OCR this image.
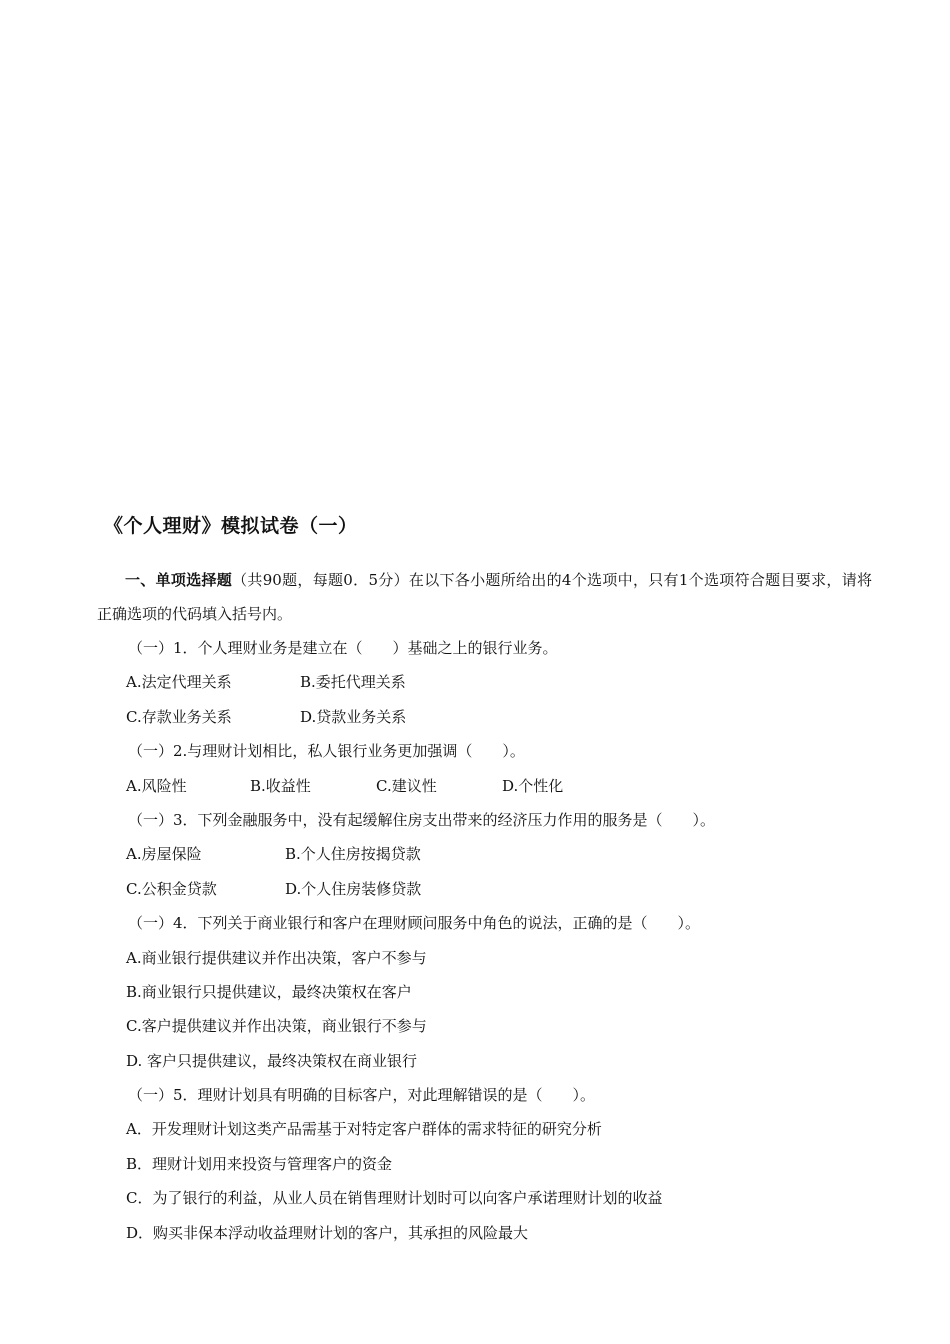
《个人理财》模拟试卷（一）
一、单项选择题（共90题，每题0．5分）在以下各小题所给出的4个选项中，只有1个选项符合题目要求，请将正确选项的代码填入括号内。
（一）1．个人理财业务是建立在（　　）基础之上的银行业务。
A.法定代理关系	B.委托代理关系
C.存款业务关系	D.贷款业务关系
（一）2.与理财计划相比，私人银行业务更加强调（　　）。
A.风险性	B.收益性	C.建议性	D.个性化
（一）3．下列金融服务中，没有起缓解住房支出带来的经济压力作用的服务是（　　）。
A.房屋保险	B.个人住房按揭贷款
C.公积金贷款	D.个人住房装修贷款
（一）4．下列关于商业银行和客户在理财顾问服务中角色的说法，正确的是（　　）。
A.商业银行提供建议并作出决策，客户不参与
B.商业银行只提供建议，最终决策权在客户
C.客户提供建议并作出决策，商业银行不参与
D. 客户只提供建议，最终决策权在商业银行
（一）5．理财计划具有明确的目标客户，对此理解错误的是（　　）。
A．开发理财计划这类产品需基于对特定客户群体的需求特征的研究分析
B．理财计划用来投资与管理客户的资金
C．为了银行的利益，从业人员在销售理财计划时可以向客户承诺理财计划的收益
D．购买非保本浮动收益理财计划的客户，其承担的风险最大
